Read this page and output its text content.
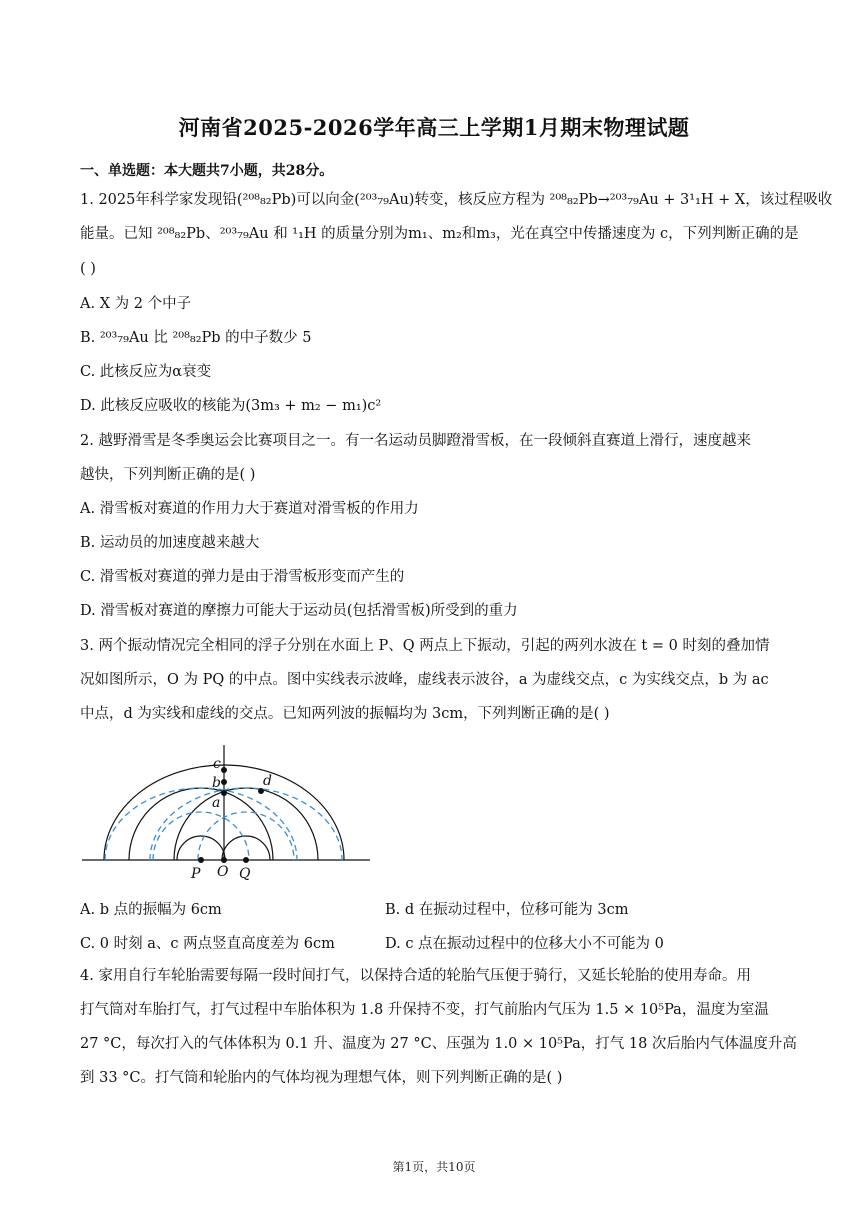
河南省2025-2026学年高三上学期1月期末物理试题
一、单选题：本大题共7小题，共28分。
1. 2025年科学家发现铅(²⁰⁸₈₂Pb)可以向金(²⁰³₇₉Au)转变，核反应方程为 ²⁰⁸₈₂Pb→²⁰³₇₉Au + 3¹₁H + X，该过程吸收
能量。已知 ²⁰⁸₈₂Pb、²⁰³₇₉Au 和 ¹₁H 的质量分别为m₁、m₂和m₃，光在真空中传播速度为 c，下列判断正确的是
( )
A. X 为 2 个中子
B. ²⁰³₇₉Au 比 ²⁰⁸₈₂Pb 的中子数少 5
C. 此核反应为α衰变
D. 此核反应吸收的核能为(3m₃ + m₂ − m₁)c²
2. 越野滑雪是冬季奥运会比赛项目之一。有一名运动员脚蹬滑雪板，在一段倾斜直赛道上滑行，速度越来
越快，下列判断正确的是( )
A. 滑雪板对赛道的作用力大于赛道对滑雪板的作用力
B. 运动员的加速度越来越大
C. 滑雪板对赛道的弹力是由于滑雪板形变而产生的
D. 滑雪板对赛道的摩擦力可能大于运动员(包括滑雪板)所受到的重力
3. 两个振动情况完全相同的浮子分别在水面上 P、Q 两点上下振动，引起的两列水波在 t = 0 时刻的叠加情
况如图所示，O 为 PQ 的中点。图中实线表示波峰，虚线表示波谷，a 为虚线交点，c 为实线交点，b 为 ac
中点，d 为实线和虚线的交点。已知两列波的振幅均为 3cm，下列判断正确的是( )
c
b
a
d
P O Q
A. b 点的振幅为 6cm	B. d 在振动过程中，位移可能为 3cm
C. 0 时刻 a、c 两点竖直高度差为 6cm	D. c 点在振动过程中的位移大小不可能为 0
4. 家用自行车轮胎需要每隔一段时间打气，以保持合适的轮胎气压便于骑行，又延长轮胎的使用寿命。用
打气筒对车胎打气，打气过程中车胎体积为 1.8 升保持不变，打气前胎内气压为 1.5 × 10⁵Pa，温度为室温
27 °C，每次打入的气体体积为 0.1 升、温度为 27 °C、压强为 1.0 × 10⁵Pa，打气 18 次后胎内气体温度升高
到 33 °C。打气筒和轮胎内的气体均视为理想气体，则下列判断正确的是( )
第1页，共10页
